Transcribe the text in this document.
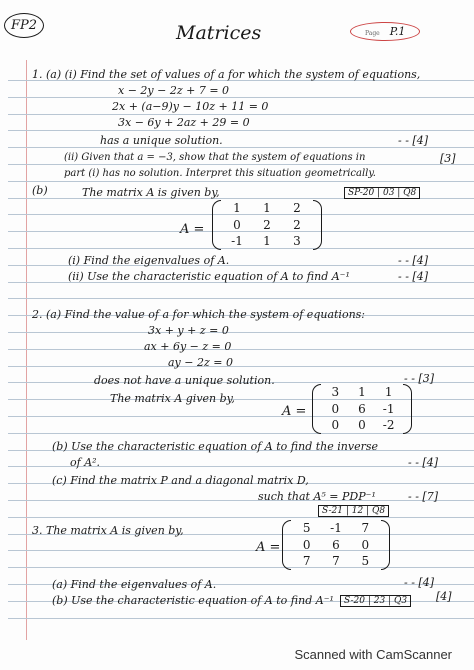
FP2	Matrices	Page P.1
1. (a) (i) Find the set of values of a for which the system of equations,
x − 2y − 2z + 7 = 0
2x + (a−9)y − 10z + 11 = 0
3x − 6y + 2az + 29 = 0
has a unique solution.	- - [4]
(ii) Given that a = −3, show that the system of equations in	[3]
part (i) has no solution. Interpret this situation geometrically.
(b)	The matrix A is given by,	SP-20 | 03 | Q8
A =
1	1	2
0	2	2
-1	1	3
(i) Find the eigenvalues of A.	- - [4]
(ii) Use the characteristic equation of A to find A⁻¹	- - [4]
2. (a) Find the value of a for which the system of equations:
3x + y + z = 0
ax + 6y − z = 0
ay − 2z = 0
does not have a unique solution.	- - [3]
The matrix A given by,
A =
3	1	1
0	6	-1
0	0	-2
(b) Use the characteristic equation of A to find the inverse
of A².	- - [4]
(c) Find the matrix P and a diagonal matrix D,
such that A⁵ = PDP⁻¹	- - [7]
S-21 | 12 | Q8
3. The matrix A is given by,
A =
5	-1	7
0	6	0
7	7	5
(a) Find the eigenvalues of A.	- - [4]
(b) Use the characteristic equation of A to find A⁻¹	S-20 | 23 | Q3	[4]
Scanned with CamScanner
